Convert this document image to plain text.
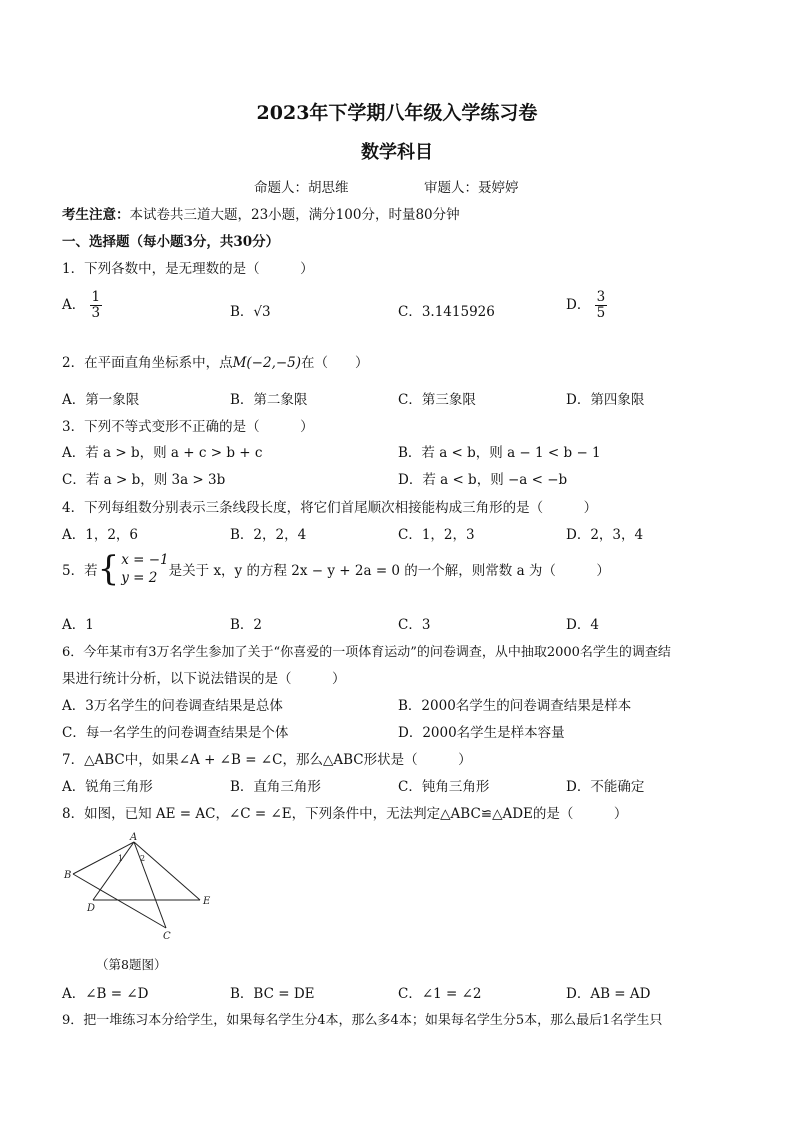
2023年下学期八年级入学练习卷
数学科目
命题人：胡思维	审题人：聂婷婷
考生注意：本试卷共三道大题，23小题，满分100分，时量80分钟
一、选择题（每小题3分，共30分）
1．下列各数中，是无理数的是（　　　）
A． $\frac{1}{3}$	B．√3	C．3.1415926	D． $\frac{3}{5}$
2．在平面直角坐标系中，点M(−2,−5)在（　　）
A．第一象限	B．第二象限	C．第三象限	D．第四象限
3．下列不等式变形不正确的是（　　　）
A．若 a > b，则 a + c > b + c	B．若 a < b，则 a − 1 < b − 1
C．若 a > b，则 3a > 3b	D．若 a < b，则 −a < −b
4．下列每组数分别表示三条线段长度，将它们首尾顺次相接能构成三角形的是（　　　）
A．1，2，6	B．2，2，4	C．1，2，3	D．2，3，4
5．若{ x = −1
y = 2 是关于 x，y 的方程 2x − y + 2a = 0 的一个解，则常数 a 为（　　　）
A．1	B．2	C．3	D．4
6．今年某市有3万名学生参加了关于“你喜爱的一项体育运动”的问卷调查，从中抽取2000名学生的调查结
果进行统计分析，以下说法错误的是（　　　）
A．3万名学生的问卷调查结果是总体	B．2000名学生的问卷调查结果是样本
C．每一名学生的问卷调查结果是个体	D．2000名学生是样本容量
7．△ABC中，如果∠A + ∠B = ∠C，那么△ABC形状是（　　　）
A．锐角三角形	B．直角三角形	C．钝角三角形	D．不能确定
8．如图，已知 AE = AC，∠C = ∠E，下列条件中，无法判定△ABC≌△ADE的是（　　　）
A
B
D
C
E
1 2
（第8题图）
A．∠B = ∠D	B．BC = DE	C．∠1 = ∠2	D．AB = AD
9．把一堆练习本分给学生，如果每名学生分4本，那么多4本；如果每名学生分5本，那么最后1名学生只
